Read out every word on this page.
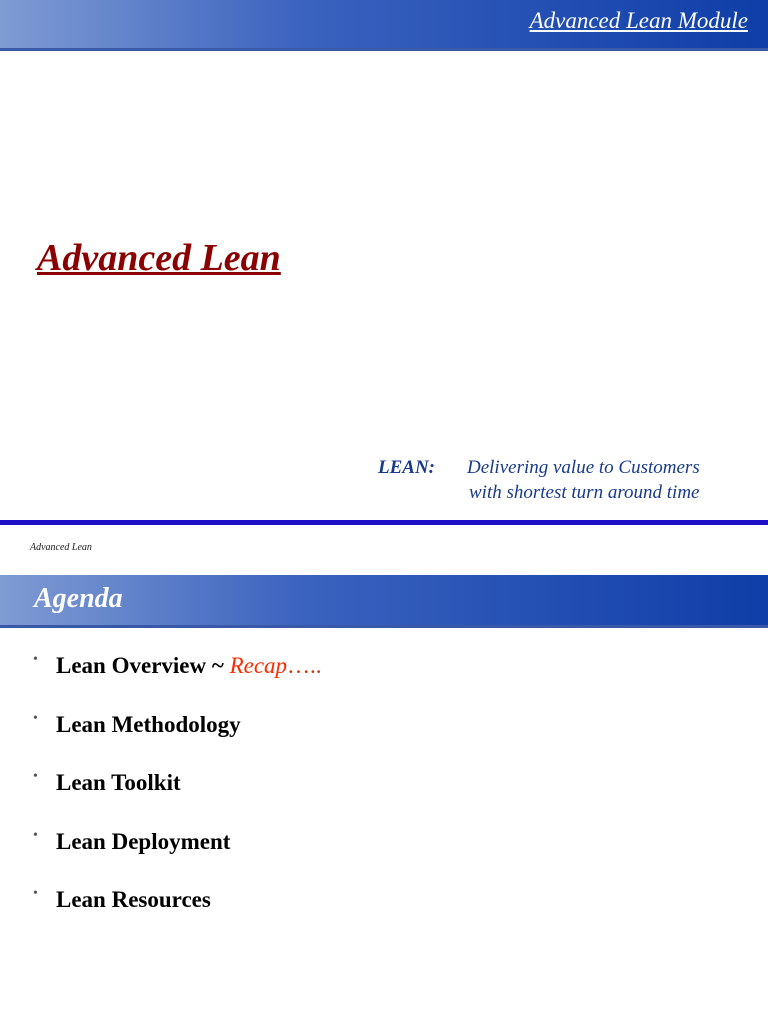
Advanced Lean Module
Advanced Lean
LEAN: Delivering value to Customers
with shortest turn around time
Advanced Lean
Agenda
• Lean Overview ~ Recap…..
• Lean Methodology
• Lean Toolkit
• Lean Deployment
• Lean Resources
